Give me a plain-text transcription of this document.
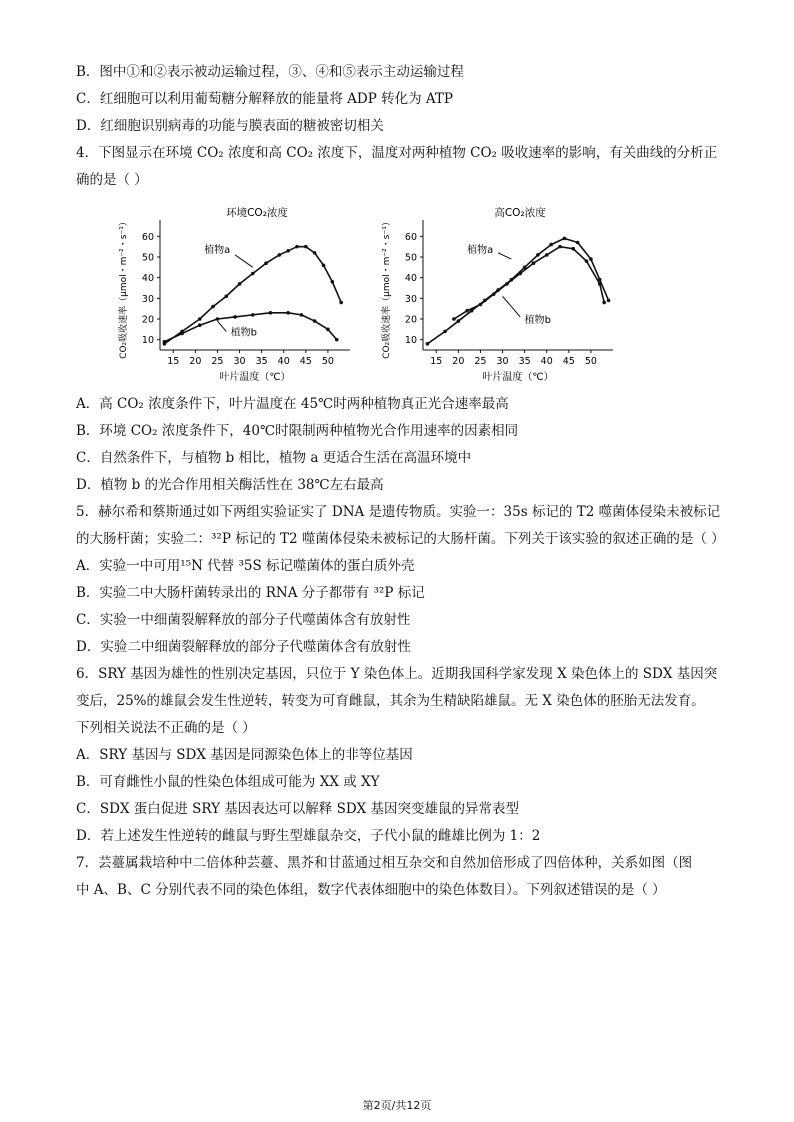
B．图中①和②表示被动运输过程，③、④和⑤表示主动运输过程
C．红细胞可以利用葡萄糖分解释放的能量将 ADP 转化为 ATP
D．红细胞识别病毒的功能与膜表面的糖被密切相关
4．下图显示在环境 CO₂ 浓度和高 CO₂ 浓度下，温度对两种植物 CO₂ 吸收速率的影响，有关曲线的分析正
确的是（ ）
环境CO₂浓度
15 20 25 30 35 40 45 50
10
20
30
40
50
60
叶片温度（℃）
CO₂吸收速率（μmol・m⁻²・s⁻¹）	植物a
植物b
高CO₂浓度
15 20 25 30 35 40 45 50
10
20
30
40
50
60
叶片温度（℃）
CO₂吸收速率（μmol・m⁻²・s⁻¹）	植物a
植物b
A．高 CO₂ 浓度条件下，叶片温度在 45℃时两种植物真正光合速率最高
B．环境 CO₂ 浓度条件下，40℃时限制两种植物光合作用速率的因素相同
C．自然条件下，与植物 b 相比，植物 a 更适合生活在高温环境中
D．植物 b 的光合作用相关酶活性在 38℃左右最高
5．赫尔希和蔡斯通过如下两组实验证实了 DNA 是遗传物质。实验一：35s 标记的 T2 噬菌体侵染未被标记
的大肠杆菌；实验二：³²P 标记的 T2 噬菌体侵染未被标记的大肠杆菌。下列关于该实验的叙述正确的是（ ）
A．实验一中可用¹⁵N 代替 ³5S 标记噬菌体的蛋白质外壳
B．实验二中大肠杆菌转录出的 RNA 分子都带有 ³²P 标记
C．实验一中细菌裂解释放的部分子代噬菌体含有放射性
D．实验二中细菌裂解释放的部分子代噬菌体含有放射性
6．SRY 基因为雄性的性别决定基因，只位于 Y 染色体上。近期我国科学家发现 X 染色体上的 SDX 基因突
变后，25%的雄鼠会发生性逆转，转变为可育雌鼠，其余为生精缺陷雄鼠。无 X 染色体的胚胎无法发育。
下列相关说法不正确的是（ ）
A．SRY 基因与 SDX 基因是同源染色体上的非等位基因
B．可育雌性小鼠的性染色体组成可能为 XX 或 XY
C．SDX 蛋白促进 SRY 基因表达可以解释 SDX 基因突变雄鼠的异常表型
D．若上述发生性逆转的雌鼠与野生型雄鼠杂交，子代小鼠的雌雄比例为 1：2
7．芸薹属栽培种中二倍体种芸薹、黑芥和甘蓝通过相互杂交和自然加倍形成了四倍体种，关系如图（图
中 A、B、C 分别代表不同的染色体组，数字代表体细胞中的染色体数目）。下列叙述错误的是（ ）
第2页/共12页
